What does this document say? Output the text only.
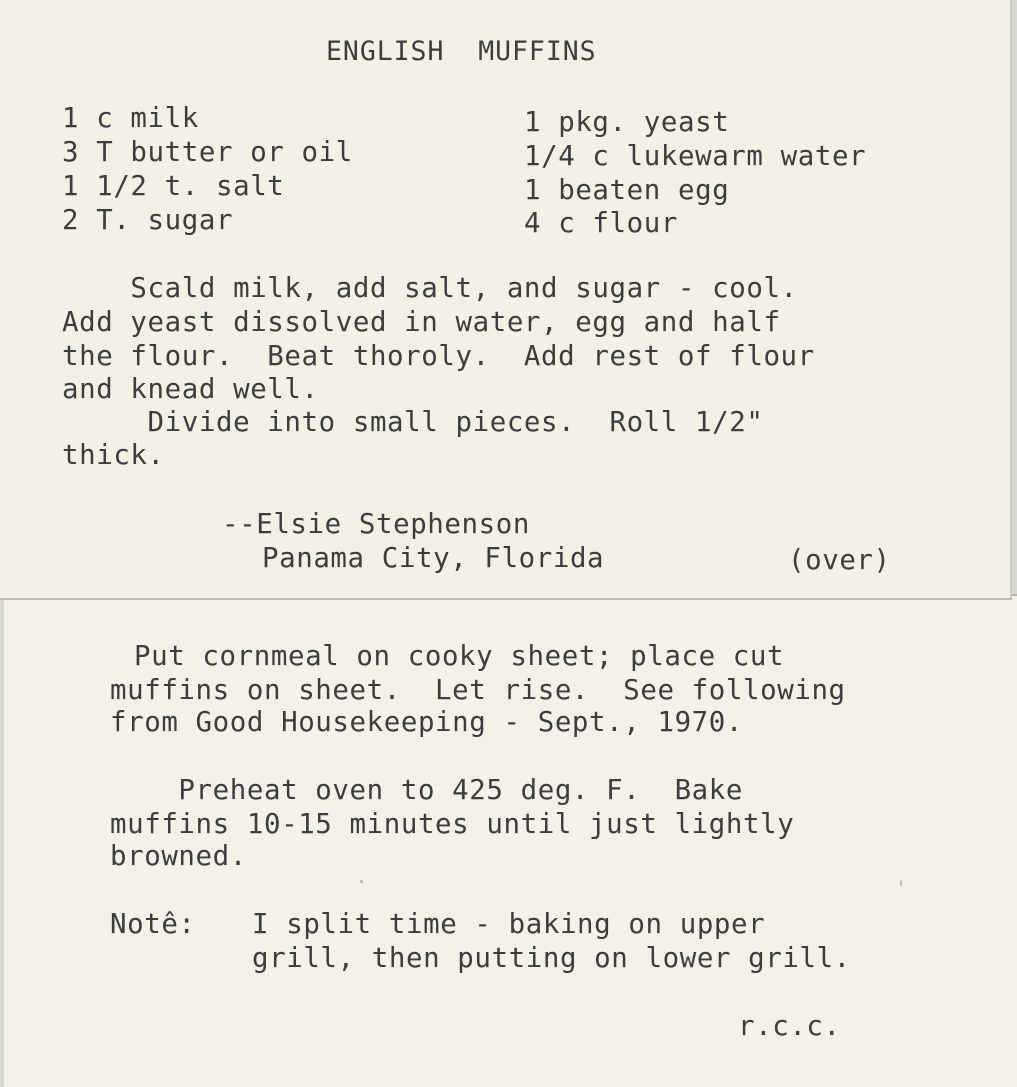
ENGLISH  MUFFINS
1 c milk
3 T butter or oil
1 1/2 t. salt
2 T. sugar
1 pkg. yeast
1/4 c lukewarm water
1 beaten egg
4 c flour
Scald milk, add salt, and sugar - cool.
Add yeast dissolved in water, egg and half
the flour.  Beat thoroly.  Add rest of flour
and knead well.
Divide into small pieces.  Roll 1/2"
thick.
--Elsie Stephenson
Panama City, Florida	(over)
Put cornmeal on cooky sheet; place cut
muffins on sheet.  Let rise.  See following
from Good Housekeeping - Sept., 1970.
Preheat oven to 425 deg. F.  Bake
muffins 10-15 minutes until just lightly
browned.
Notê: I split time - baking on upper
grill, then putting on lower grill.
r.c.c.
